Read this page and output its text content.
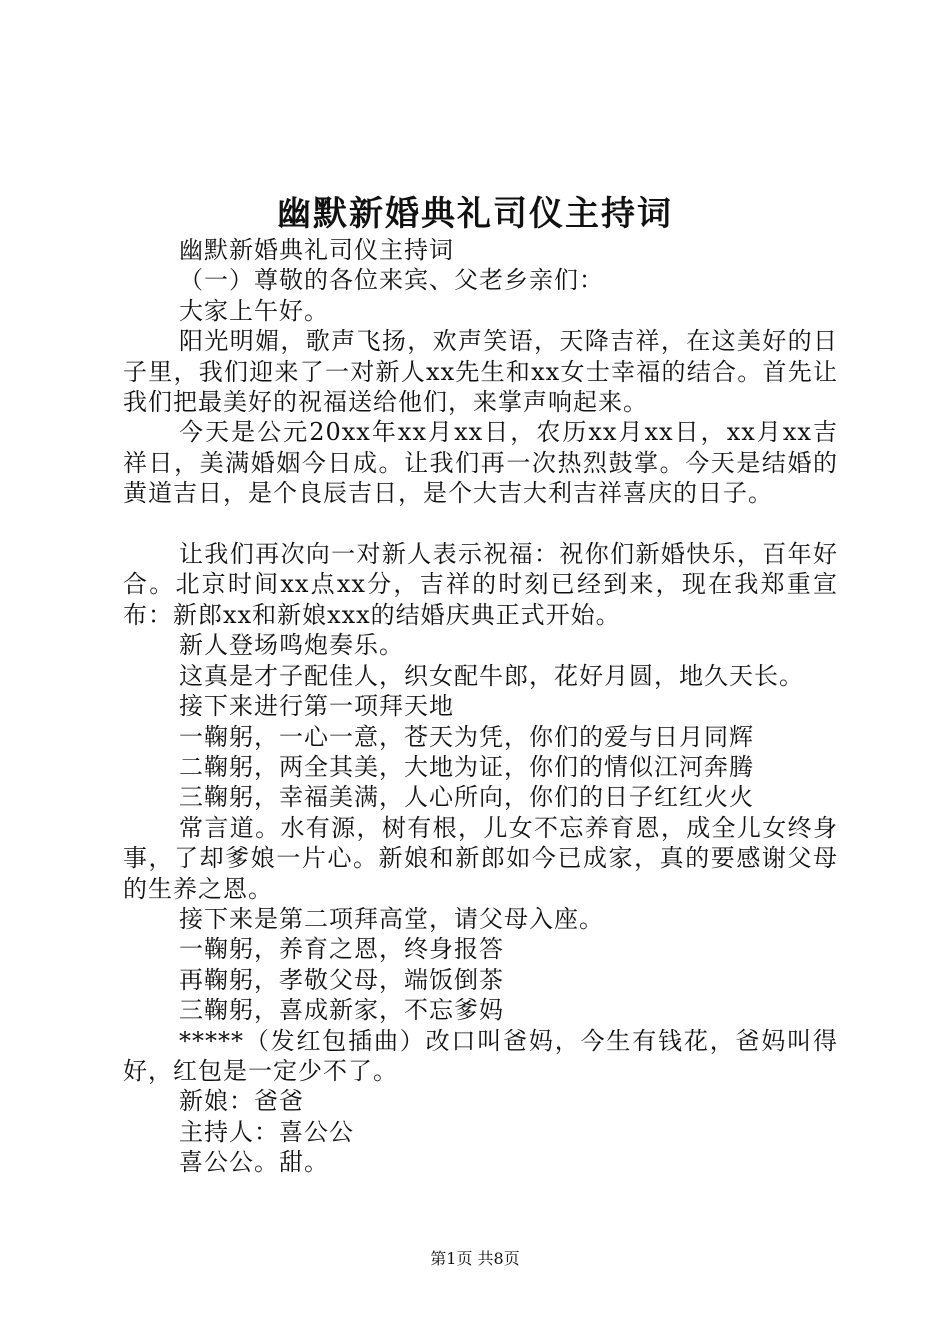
幽默新婚典礼司仪主持词

幽默新婚典礼司仪主持词

（一）尊敬的各位来宾、父老乡亲们：

大家上午好。

阳光明媚，歌声飞扬，欢声笑语，天降吉祥，在这美好的日子里，我们迎来了一对新人xx先生和xx女士幸福的结合。首先让我们把最美好的祝福送给他们，来掌声响起来。

今天是公元20xx年xx月xx日，农历xx月xx日，xx月xx吉祥日，美满婚姻今日成。让我们再一次热烈鼓掌。今天是结婚的黄道吉日，是个良辰吉日，是个大吉大利吉祥喜庆的日子。

让我们再次向一对新人表示祝福：祝你们新婚快乐，百年好合。北京时间xx点xx分，吉祥的时刻已经到来，现在我郑重宣布：新郎xx和新娘xxx的结婚庆典正式开始。

新人登场鸣炮奏乐。

这真是才子配佳人，织女配牛郎，花好月圆，地久天长。

接下来进行第一项拜天地

一鞠躬，一心一意，苍天为凭，你们的爱与日月同辉

二鞠躬，两全其美，大地为证，你们的情似江河奔腾

三鞠躬，幸福美满，人心所向，你们的日子红红火火

常言道。水有源，树有根，儿女不忘养育恩，成全儿女终身事，了却爹娘一片心。新娘和新郎如今已成家，真的要感谢父母的生养之恩。

接下来是第二项拜高堂，请父母入座。

一鞠躬，养育之恩，终身报答

再鞠躬，孝敬父母，端饭倒茶

三鞠躬，喜成新家，不忘爹妈

*****（发红包插曲）改口叫爸妈，今生有钱花，爸妈叫得好，红包是一定少不了。

新娘：爸爸

主持人：喜公公

喜公公。甜。

第1页 共8页
